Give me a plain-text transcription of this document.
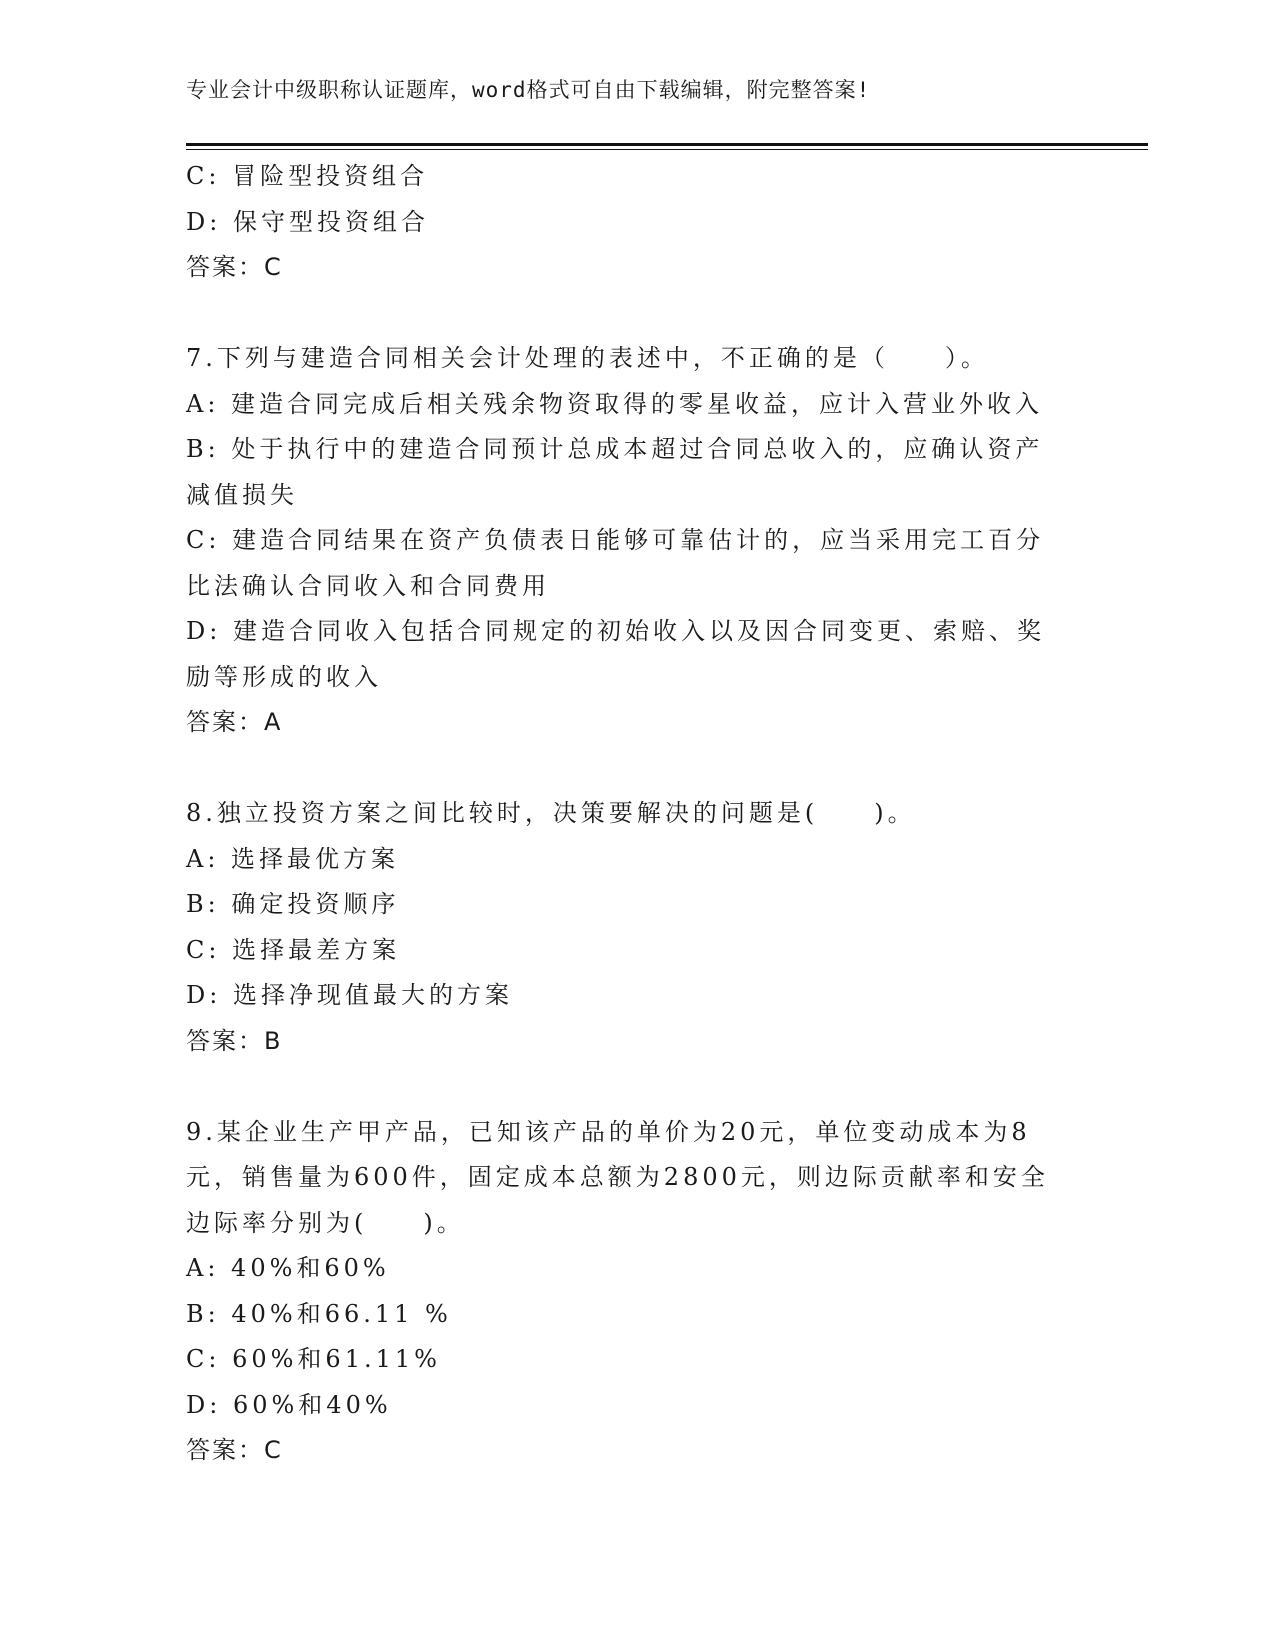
专业会计中级职称认证题库，word格式可自由下载编辑，附完整答案!
C: 冒险型投资组合
D: 保守型投资组合
答案：C
7.下列与建造合同相关会计处理的表述中，不正确的是（　　）。
A: 建造合同完成后相关残余物资取得的零星收益，应计入营业外收入
B: 处于执行中的建造合同预计总成本超过合同总收入的，应确认资产
减值损失
C: 建造合同结果在资产负债表日能够可靠估计的，应当采用完工百分
比法确认合同收入和合同费用
D: 建造合同收入包括合同规定的初始收入以及因合同变更、索赔、奖
励等形成的收入
答案：A
8.独立投资方案之间比较时，决策要解决的问题是(　　)。
A: 选择最优方案
B: 确定投资顺序
C: 选择最差方案
D: 选择净现值最大的方案
答案：B
9.某企业生产甲产品，已知该产品的单价为20元，单位变动成本为8
元，销售量为600件，固定成本总额为2800元，则边际贡献率和安全
边际率分别为(　　)。
A: 40%和60%
B: 40%和66.11 %
C: 60%和61.11%
D: 60%和40%
答案：C
